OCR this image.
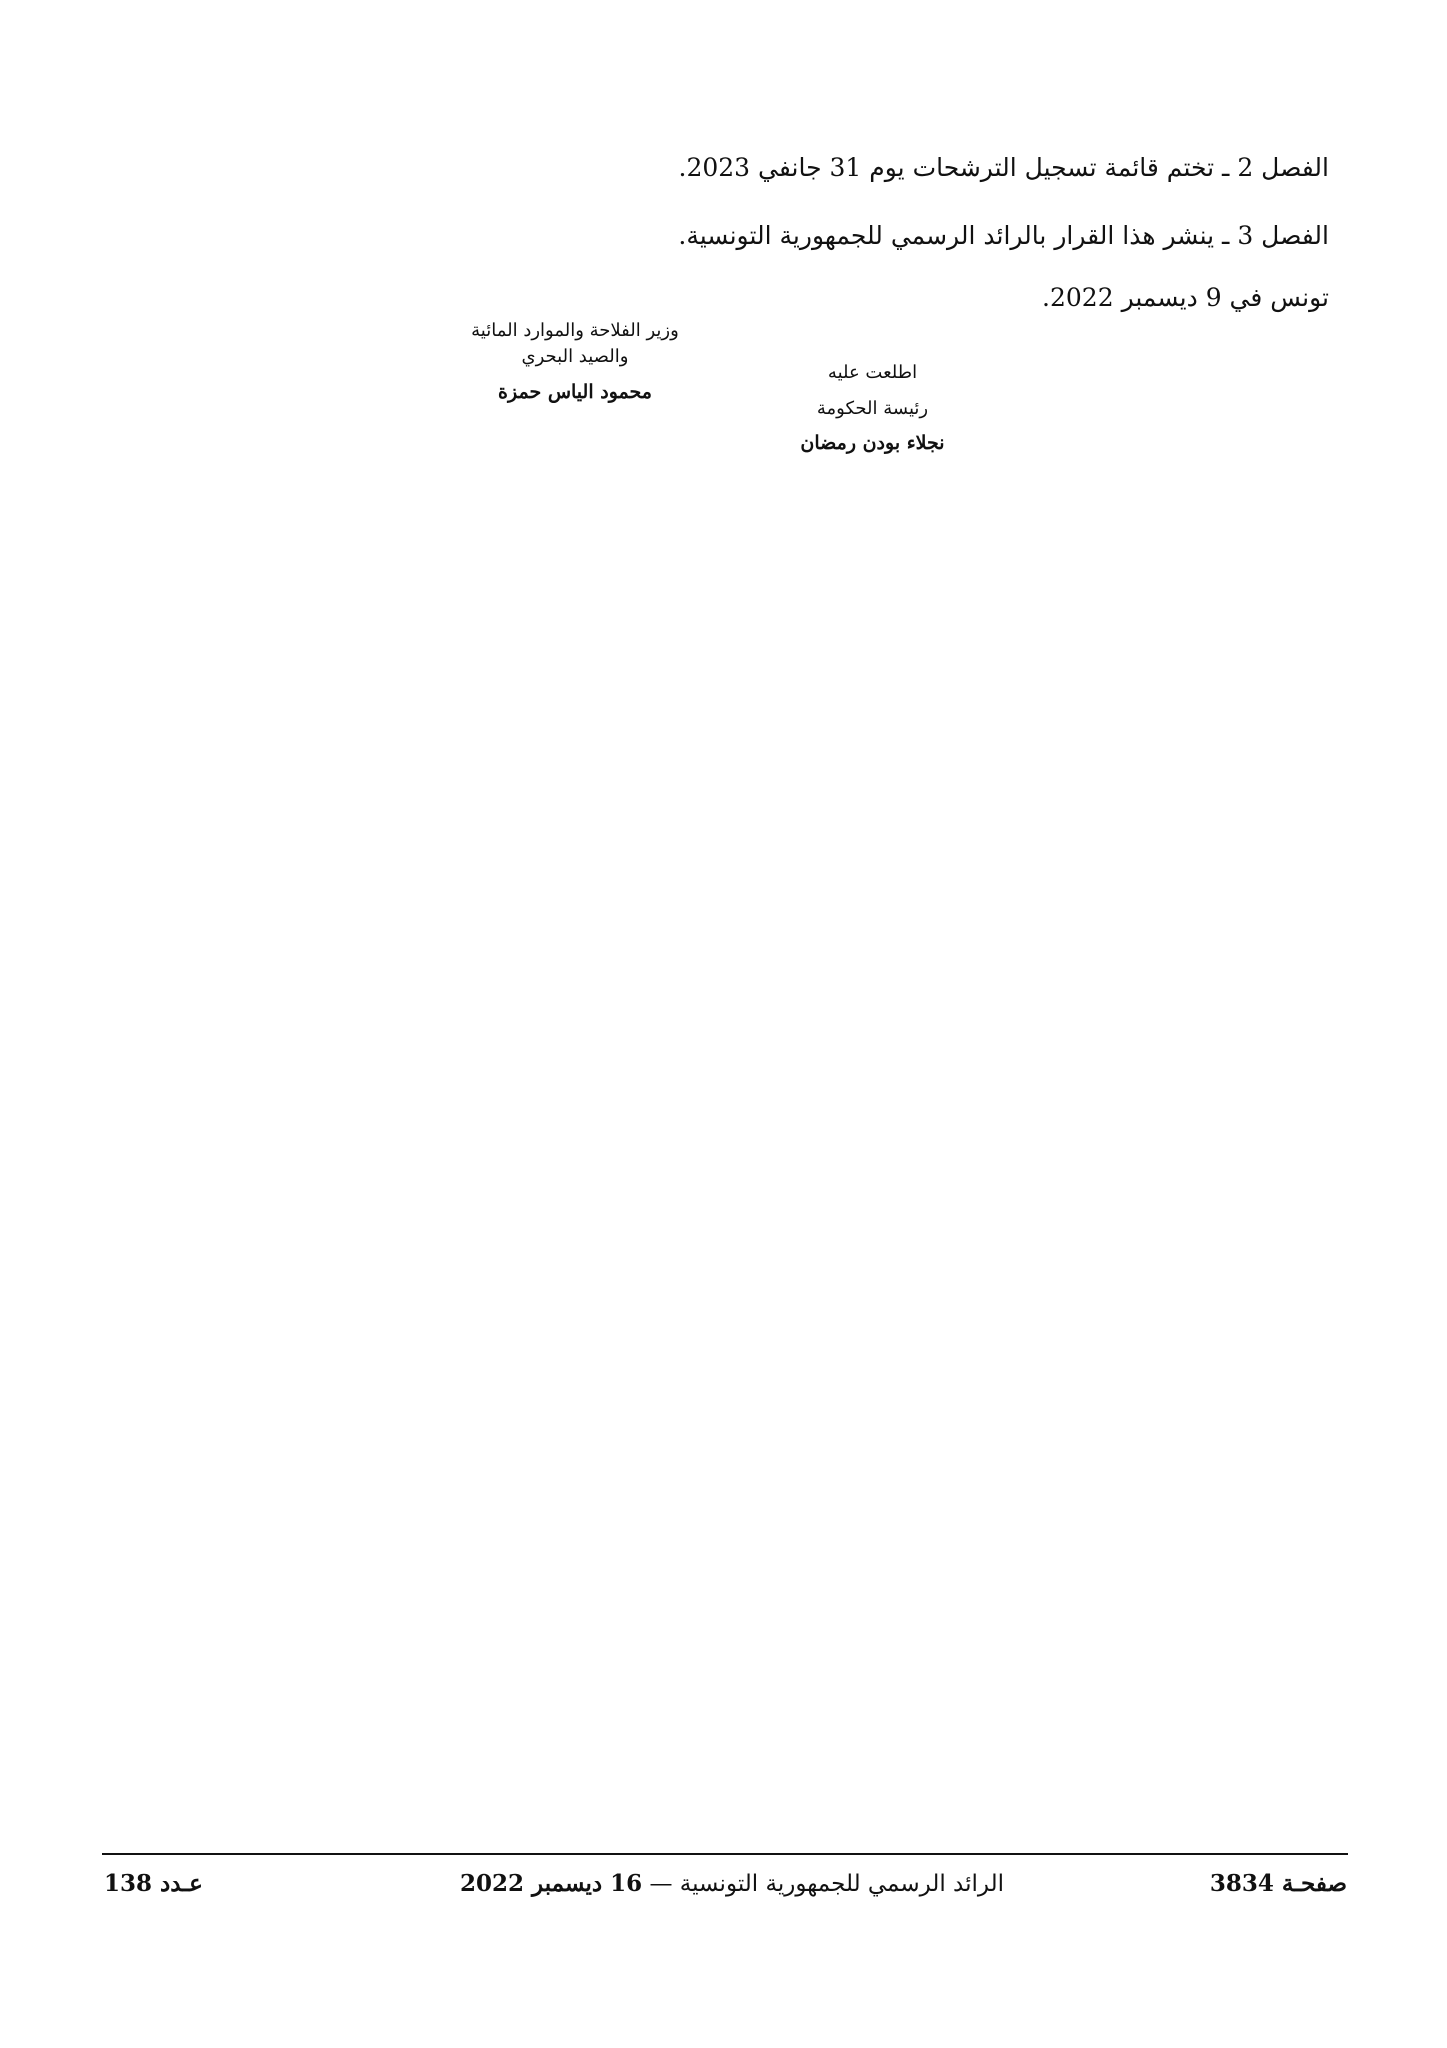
الفصل 2 ـ تختم قائمة تسجيل الترشحات يوم 31 جانفي 2023.
الفصل 3 ـ ينشر هذا القرار بالرائد الرسمي للجمهورية التونسية.
تونس في 9 ديسمبر 2022.
وزير الفلاحة والموارد المائية
والصيد البحري
محمود الياس حمزة
اطلعت عليه
رئيسة الحكومة
نجلاء بودن رمضان
صفحـة 3834
الرائد الرسمي للجمهورية التونسية — 16 ديسمبر 2022
عـدد 138
